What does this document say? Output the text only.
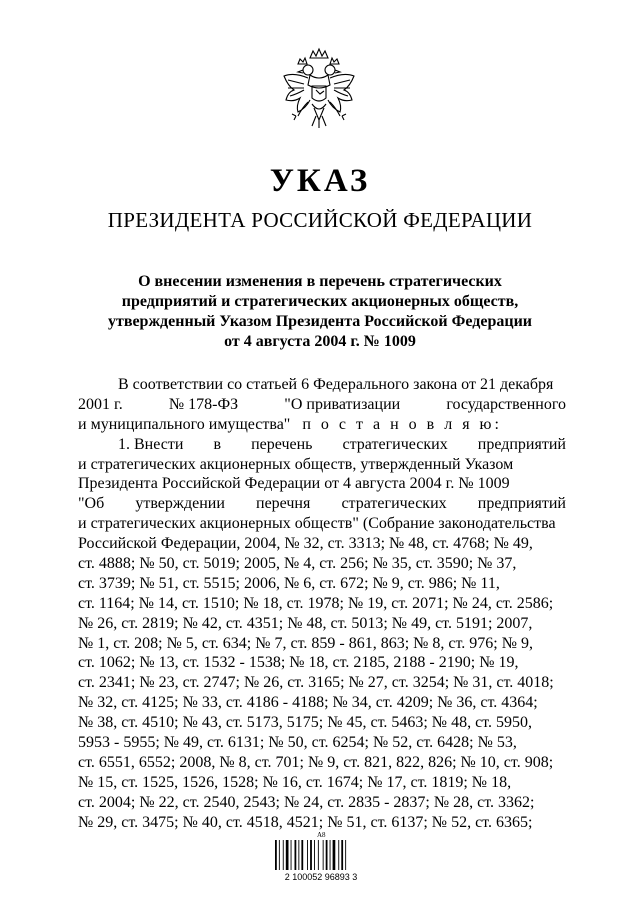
УКАЗ
ПРЕЗИДЕНТА РОССИЙСКОЙ ФЕДЕРАЦИИ
О внесении изменения в перечень стратегических
предприятий и стратегических акционерных обществ,
утвержденный Указом Президента Российской Федерации
от 4 августа 2004 г. № 1009
В соответствии со статьей 6 Федерального закона от 21 декабря
2001 г.	№ 178-ФЗ	"О приватизации	государственного
и муниципального имущества"
п о с т а н о в л я ю:
1. Внести в перечень стратегических предприятий
и стратегических акционерных обществ, утвержденный Указом
Президента Российской Федерации от 4 августа 2004 г. № 1009
"Об утверждении перечня стратегических предприятий
и стратегических акционерных обществ" (Собрание законодательства
Российской Федерации, 2004, № 32, ст. 3313; № 48, ст. 4768; № 49,
ст. 4888; № 50, ст. 5019; 2005, № 4, ст. 256; № 35, ст. 3590; № 37,
ст. 3739; № 51, ст. 5515; 2006, № 6, ст. 672; № 9, ст. 986; № 11,
ст. 1164; № 14, ст. 1510; № 18, ст. 1978; № 19, ст. 2071; № 24, ст. 2586;
№ 26, ст. 2819; № 42, ст. 4351; № 48, ст. 5013; № 49, ст. 5191; 2007,
№ 1, ст. 208; № 5, ст. 634; № 7, ст. 859 - 861, 863; № 8, ст. 976; № 9,
ст. 1062; № 13, ст. 1532 - 1538; № 18, ст. 2185, 2188 - 2190; № 19,
ст. 2341; № 23, ст. 2747; № 26, ст. 3165; № 27, ст. 3254; № 31, ст. 4018;
№ 32, ст. 4125; № 33, ст. 4186 - 4188; № 34, ст. 4209; № 36, ст. 4364;
№ 38, ст. 4510; № 43, ст. 5173, 5175; № 45, ст. 5463; № 48, ст. 5950,
5953 - 5955; № 49, ст. 6131; № 50, ст. 6254; № 52, ст. 6428; № 53,
ст. 6551, 6552; 2008, № 8, ст. 701; № 9, ст. 821, 822, 826; № 10, ст. 908;
№ 15, ст. 1525, 1526, 1528; № 16, ст. 1674; № 17, ст. 1819; № 18,
ст. 2004; № 22, ст. 2540, 2543; № 24, ст. 2835 - 2837; № 28, ст. 3362;
№ 29, ст. 3475; № 40, ст. 4518, 4521; № 51, ст. 6137; № 52, ст. 6365;
А8
2 100052 96893 3
